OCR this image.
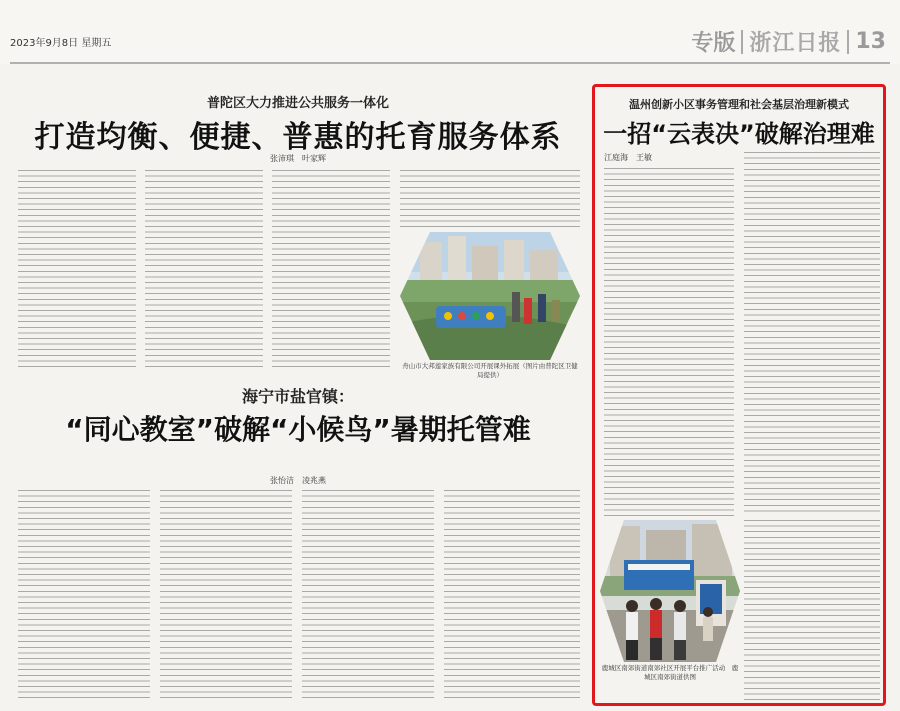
2023年9月8日 星期五	专版 浙江日报 13
普陀区大力推进公共服务一体化
打造均衡、便捷、普惠的托育服务体系
张沛琪　叶家辉
舟山市大邦莲家族有限公司开展课外拓展（图片由普陀区卫健局提供）
海宁市盐官镇：
“同心教室”破解“小候鸟”暑期托管难
张怡洁　凌兆燕
温州创新小区事务管理和社会基层治理新模式
一招“云表决”破解治理难
江庭海　王敏
鹿城区南郊街道南郊社区开展平台推广活动　鹿城区南郊街道供图
